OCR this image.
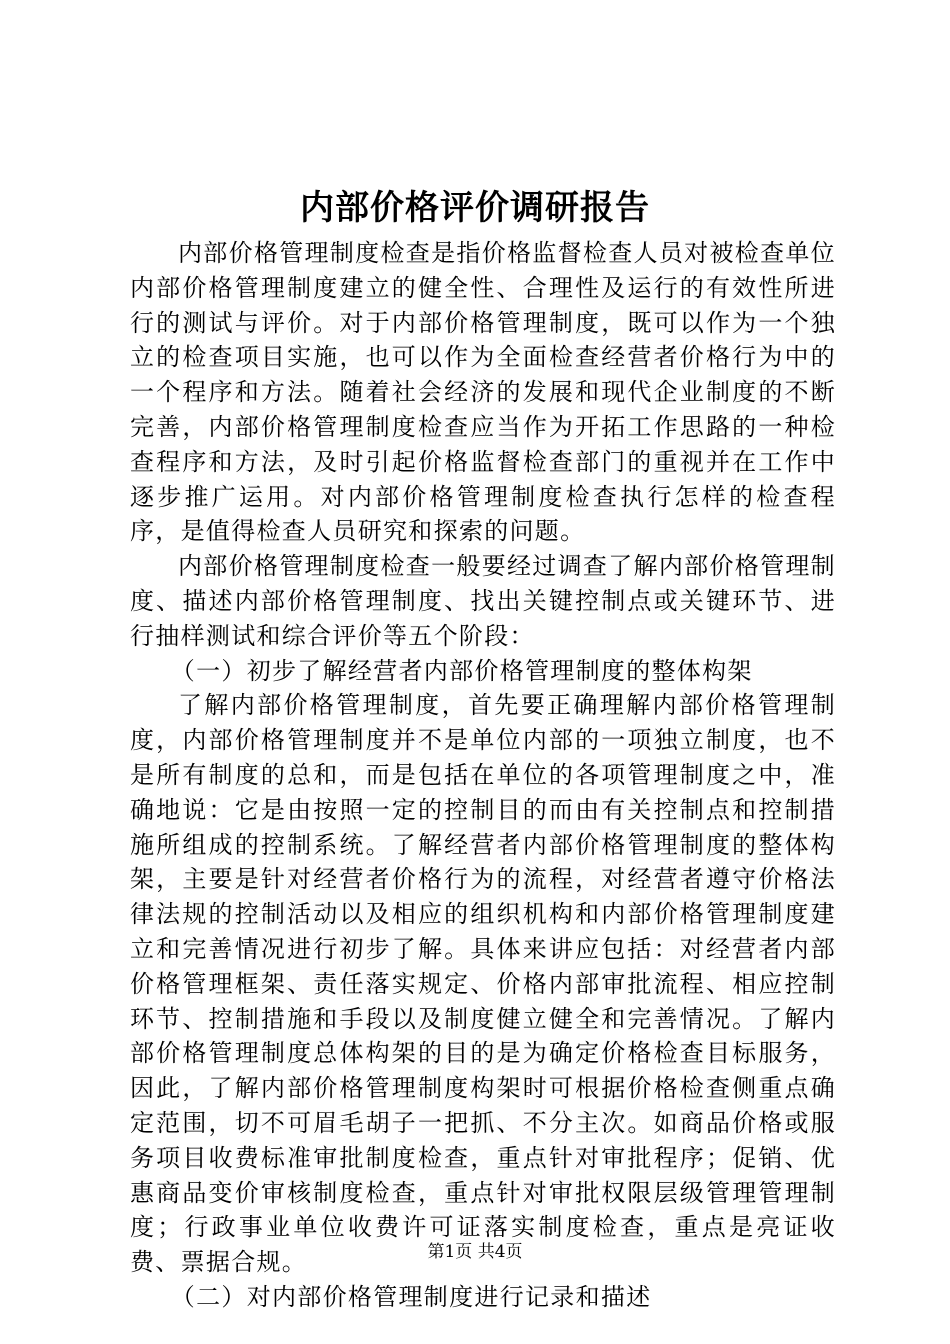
内部价格评价调研报告

内部价格管理制度检查是指价格监督检查人员对被检查单位内部价格管理制度建立的健全性、合理性及运行的有效性所进行的测试与评价。对于内部价格管理制度，既可以作为一个独立的检查项目实施，也可以作为全面检查经营者价格行为中的一个程序和方法。随着社会经济的发展和现代企业制度的不断完善，内部价格管理制度检查应当作为开拓工作思路的一种检查程序和方法，及时引起价格监督检查部门的重视并在工作中逐步推广运用。对内部价格管理制度检查执行怎样的检查程序，是值得检查人员研究和探索的问题。

内部价格管理制度检查一般要经过调查了解内部价格管理制度、描述内部价格管理制度、找出关键控制点或关键环节、进行抽样测试和综合评价等五个阶段：

（一）初步了解经营者内部价格管理制度的整体构架

了解内部价格管理制度，首先要正确理解内部价格管理制度，内部价格管理制度并不是单位内部的一项独立制度，也不是所有制度的总和，而是包括在单位的各项管理制度之中，准确地说：它是由按照一定的控制目的而由有关控制点和控制措施所组成的控制系统。了解经营者内部价格管理制度的整体构架，主要是针对经营者价格行为的流程，对经营者遵守价格法律法规的控制活动以及相应的组织机构和内部价格管理制度建立和完善情况进行初步了解。具体来讲应包括：对经营者内部价格管理框架、责任落实规定、价格内部审批流程、相应控制环节、控制措施和手段以及制度健立健全和完善情况。了解内部价格管理制度总体构架的目的是为确定价格检查目标服务，因此，了解内部价格管理制度构架时可根据价格检查侧重点确定范围，切不可眉毛胡子一把抓、不分主次。如商品价格或服务项目收费标准审批制度检查，重点针对审批程序；促销、优惠商品变价审核制度检查，重点针对审批权限层级管理管理制度；行政事业单位收费许可证落实制度检查，重点是亮证收费、票据合规。

（二）对内部价格管理制度进行记录和描述

第1页 共4页
